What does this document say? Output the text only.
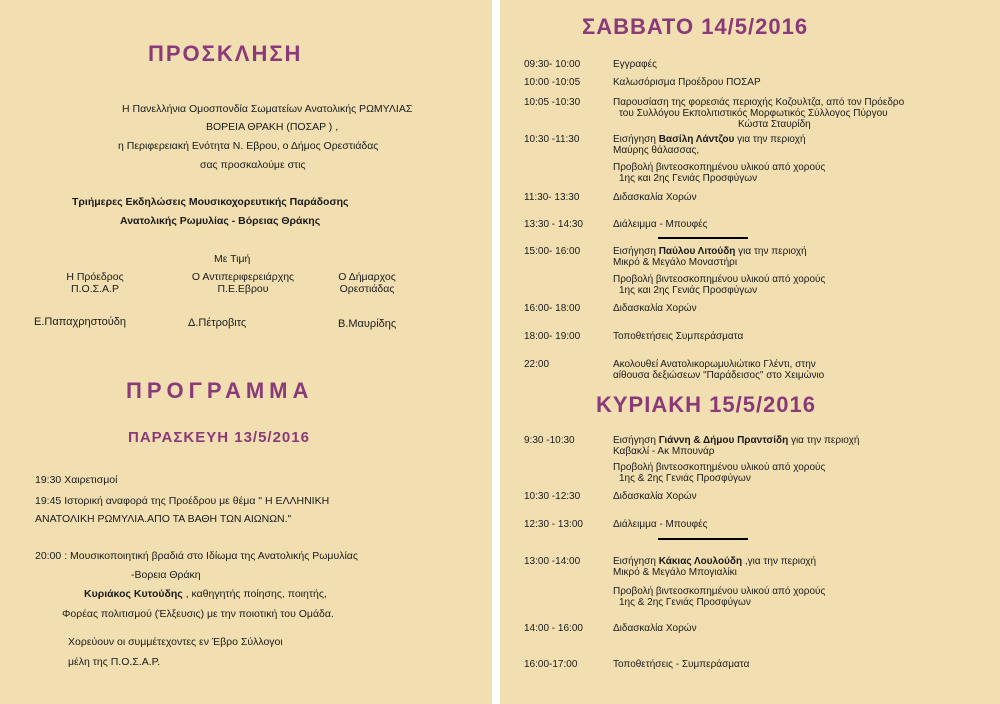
ΠΡΟΣΚΛΗΣΗ
Η Πανελλήνια Ομοσπονδία Σωματείων Ανατολικής ΡΩΜΥΛΙΑΣ
ΒΟΡΕΙΑ ΘΡΑΚΗ (ΠΟΣΑΡ ) ,
η Περιφερειακή Ενότητα Ν. Εβρου, ο Δήμος Ορεστιάδας
σας προσκαλούμε στις
Τριήμερες Εκδηλώσεις Μουσικοχορευτικής Παράδοσης
Ανατολικής Ρωμυλίας - Βόρειας Θράκης
Με Τιμή
Η Πρόεδρος
Π.Ο.Σ.Α.Ρ
Ο Αντιπεριφερειάρχης
Π.Ε.Εβρου
Ο Δήμαρχος
Ορεστιάδας
Ε.Παπαχρηστούδη	Δ.Πέτροβιτς	Β.Μαυρίδης
ΠΡΟΓΡΑΜΜΑ
ΠΑΡΑΣΚΕΥΗ 13/5/2016
19:30 Χαιρετισμοί
19:45 Ιστορική αναφορά της Προέδρου με θέμα " Η ΕΛΛΗΝΙΚΗ
ΑΝΑΤΟΛΙΚΗ ΡΩΜΥΛΙΑ.ΑΠΟ ΤΑ ΒΑΘΗ ΤΩΝ ΑΙΩΝΩΝ."
20:00 : Μουσικοποιητική βραδιά στο Ιδίωμα της Ανατολικής Ρωμυλίας
-Βορεια Θράκη
Κυριάκος Κυτούδης , καθηγητής ποίησης, ποιητής,
Φορέας πολιτισμού (Έλξευσις) με την ποιοτική του Ομάδα.
Χορεύουν οι συμμέτεχοντες εν Έβρο Σύλλογοι
μέλη της Π.Ο.Σ.Α.Ρ.
ΣΑΒΒΑΤΟ 14/5/2016
09:30- 10:00	Εγγραφές
10:00 -10:05	Καλωσόρισμα Προέδρου ΠΟΣΑΡ
10:05 -10:30	Παρουσίαση της φορεσιάς περιοχής Κοζουλτζα, από τον Πρόεδρο
του Συλλόγου Εκπολιτιστικός Μορφωτικός Σύλλογος Πύργου
Κώστα Σταυρίδη
10:30 -11:30	Εισήγηση Βασίλη Λάντζου για την περιοχή
Μαύρης θάλασσας,
Προβολή βιντεοσκοπημένου υλικού από χορούς
1ης και 2ης Γενιάς Προσφύγων
11:30- 13:30	Διδασκαλία Χορών
13:30 - 14:30	Διάλειμμα - Μπουφές
15:00- 16:00	Εισήγηση Παύλου Λιτούδη για την περιοχή
Μικρό & Μεγάλο Μοναστήρι
Προβολή βιντεοσκοπημένου υλικού από χορούς
1ης και 2ης Γενιάς Προσφύγων
16:00- 18:00	Διδασκαλία Χορών
18:00- 19:00	Τοποθετήσεις Συμπεράσματα
22:00	Ακολουθεί Ανατολικορωμυλιώτικο Γλέντι, στην
αίθουσα δεξιώσεων "Παράδεισος" στο Χειμώνιο
ΚΥΡΙΑΚΗ 15/5/2016
9:30 -10:30	Εισήγηση Γιάννη & Δήμου Πραντσίδη για την περιοχή
Καβακλί - Ακ Μπουνάρ
Προβολή βιντεοσκοπημένου υλικού από χορούς
1ης & 2ης Γενιάς Προσφύγων
10:30 -12:30	Διδασκαλία Χορών
12:30 - 13:00	Διάλειμμα - Μπουφές
13:00 -14:00	Εισήγηση Κάκιας Λουλούδη ,για την περιοχή
Μικρό & Μεγάλο Μπογιαλίκι
Προβολή βιντεοσκοπημένου υλικού από χορούς
1ης & 2ης Γενιάς Προσφύγων
14:00 - 16:00	Διδασκαλία Χορών
16:00-17:00	Τοποθετήσεις - Συμπεράσματα
